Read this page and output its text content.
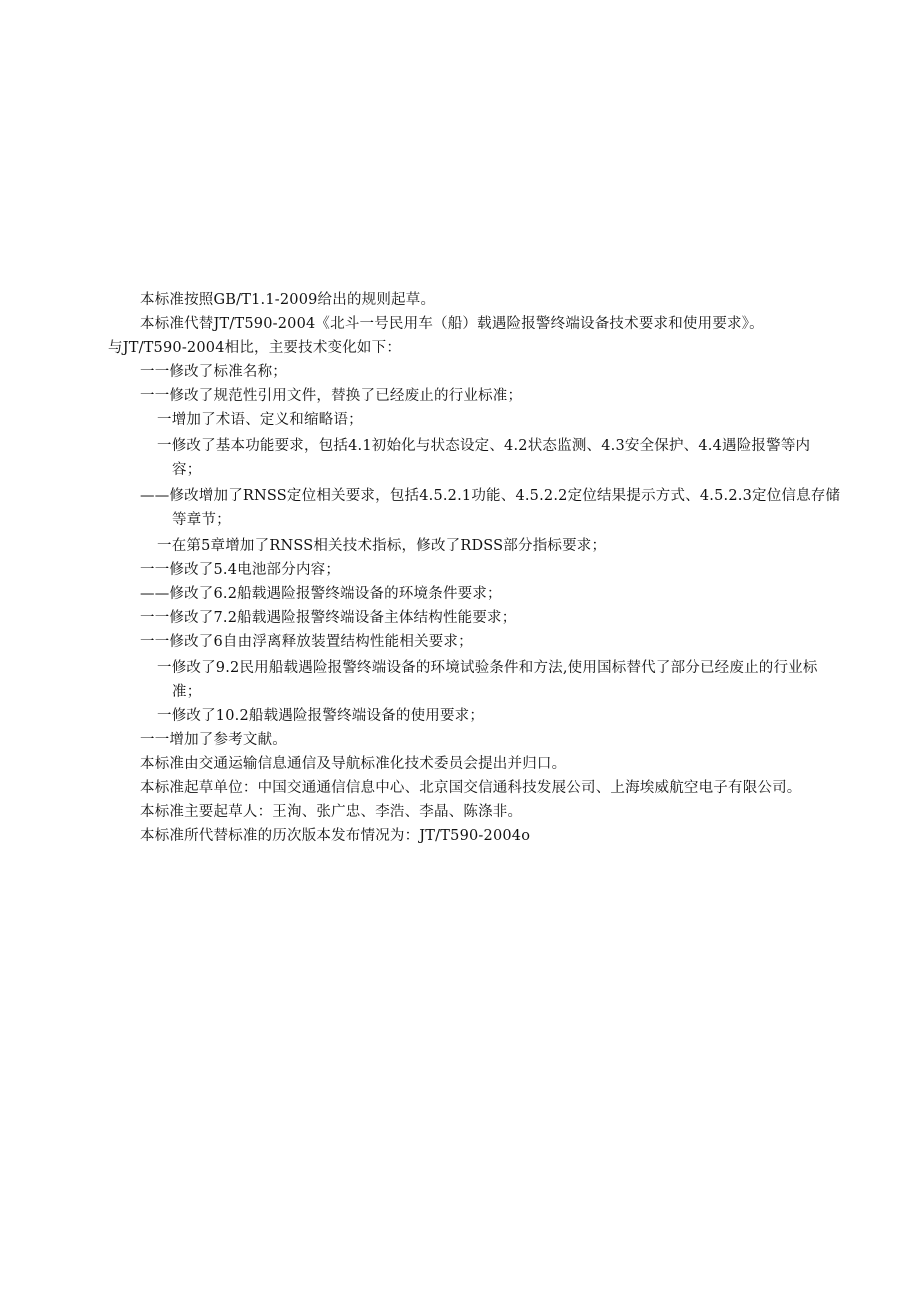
本标准按照GB/T1.1-2009给出的规则起草。
本标准代替JT/T590-2004《北斗一号民用车（船）载遇险报警终端设备技术要求和使用要求》。
与JT/T590-2004相比，主要技术变化如下：
一一修改了标准名称；
一一修改了规范性引用文件，替换了已经废止的行业标准；
一增加了术语、定义和缩略语；
一修改了基本功能要求，包括4.1初始化与状态设定、4.2状态监测、4.3安全保护、4.4遇险报警等内
容；
——修改增加了RNSS定位相关要求，包括4.5.2.1功能、4.5.2.2定位结果提示方式、4.5.2.3定位信息存储
等章节；
一在第5章增加了RNSS相关技术指标，修改了RDSS部分指标要求；
一一修改了5.4电池部分内容；
——修改了6.2船载遇险报警终端设备的环境条件要求；
一一修改了7.2船载遇险报警终端设备主体结构性能要求；
一一修改了6自由浮离释放装置结构性能相关要求；
一修改了9.2民用船载遇险报警终端设备的环境试验条件和方法,使用国标替代了部分已经废止的行业标
准；
一修改了10.2船载遇险报警终端设备的使用要求；
一一增加了参考文献。
本标准由交通运输信息通信及导航标准化技术委员会提出并归口。
本标准起草单位：中国交通通信信息中心、北京国交信通科技发展公司、上海埃威航空电子有限公司。
本标准主要起草人：王洵、张广忠、李浩、李晶、陈涤非。
本标准所代替标准的历次版本发布情况为：JT/T590-2004o
